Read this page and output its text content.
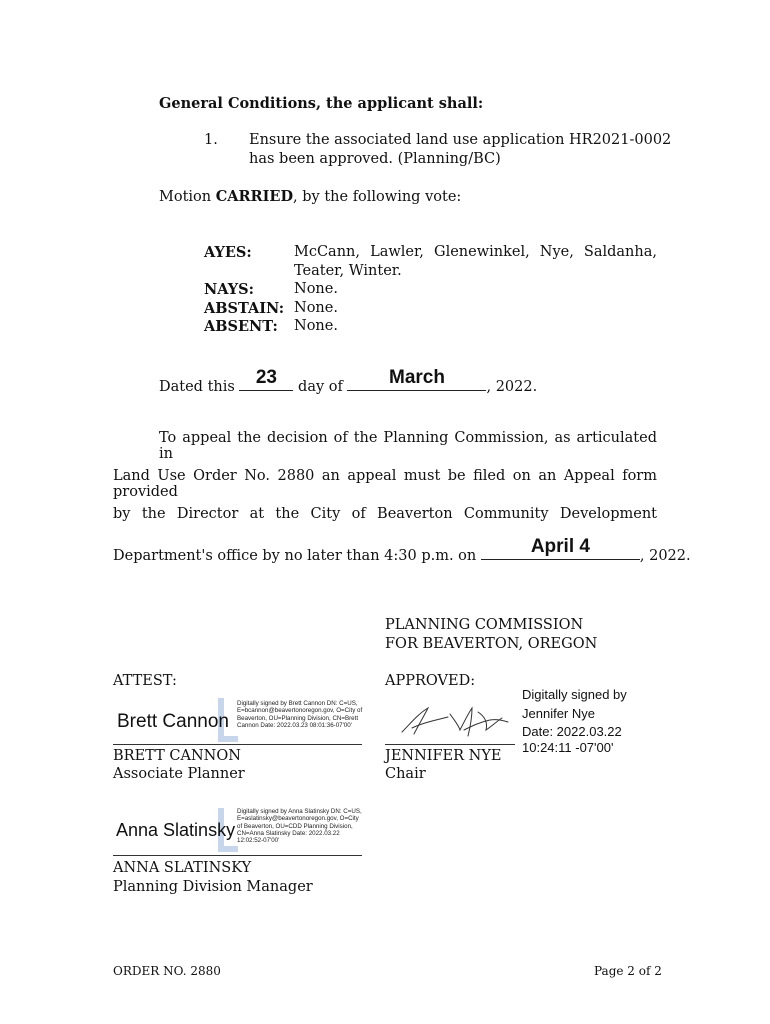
General Conditions, the applicant shall:
1. Ensure the associated land use application HR2021-0002
has been approved. (Planning/BC)
Motion CARRIED, by the following vote:
AYES:	McCann, Lawler, Glenewinkel, Nye, Saldanha,
Teater, Winter.
NAYS:	None.
ABSTAIN: None.
ABSENT: None.
Dated this	23	day of	March	, 2022.
To appeal the decision of the Planning Commission, as articulated in
Land Use Order No. 2880 an appeal must be filed on an Appeal form provided
by the Director at the City of Beaverton Community Development
Department's office by no later than 4:30 p.m. on	April 4	, 2022.
PLANNING COMMISSION
FOR BEAVERTON, OREGON
ATTEST:
Brett Cannon
Digitally signed by Brett Cannon DN: C=US, E=bcannon@beavertonoregon.gov, O=City of Beaverton, OU=Planning Division, CN=Brett Cannon Date: 2022.03.23 08:01:36-07'00'
BRETT CANNON
Associate Planner
APPROVED:
Digitally signed by
Jennifer Nye
Date: 2022.03.22
10:24:11 -07'00'
JENNIFER NYE
Chair
Anna Slatinsky
Digitally signed by Anna Slatinsky DN: C=US, E=aslatinsky@beavertonoregon.gov, O=City of Beaverton, OU=CDD Planning Division, CN=Anna Slatinsky Date: 2022.03.22 12:02:52-07'00'
ANNA SLATINSKY
Planning Division Manager
ORDER NO. 2880	Page 2 of 2
